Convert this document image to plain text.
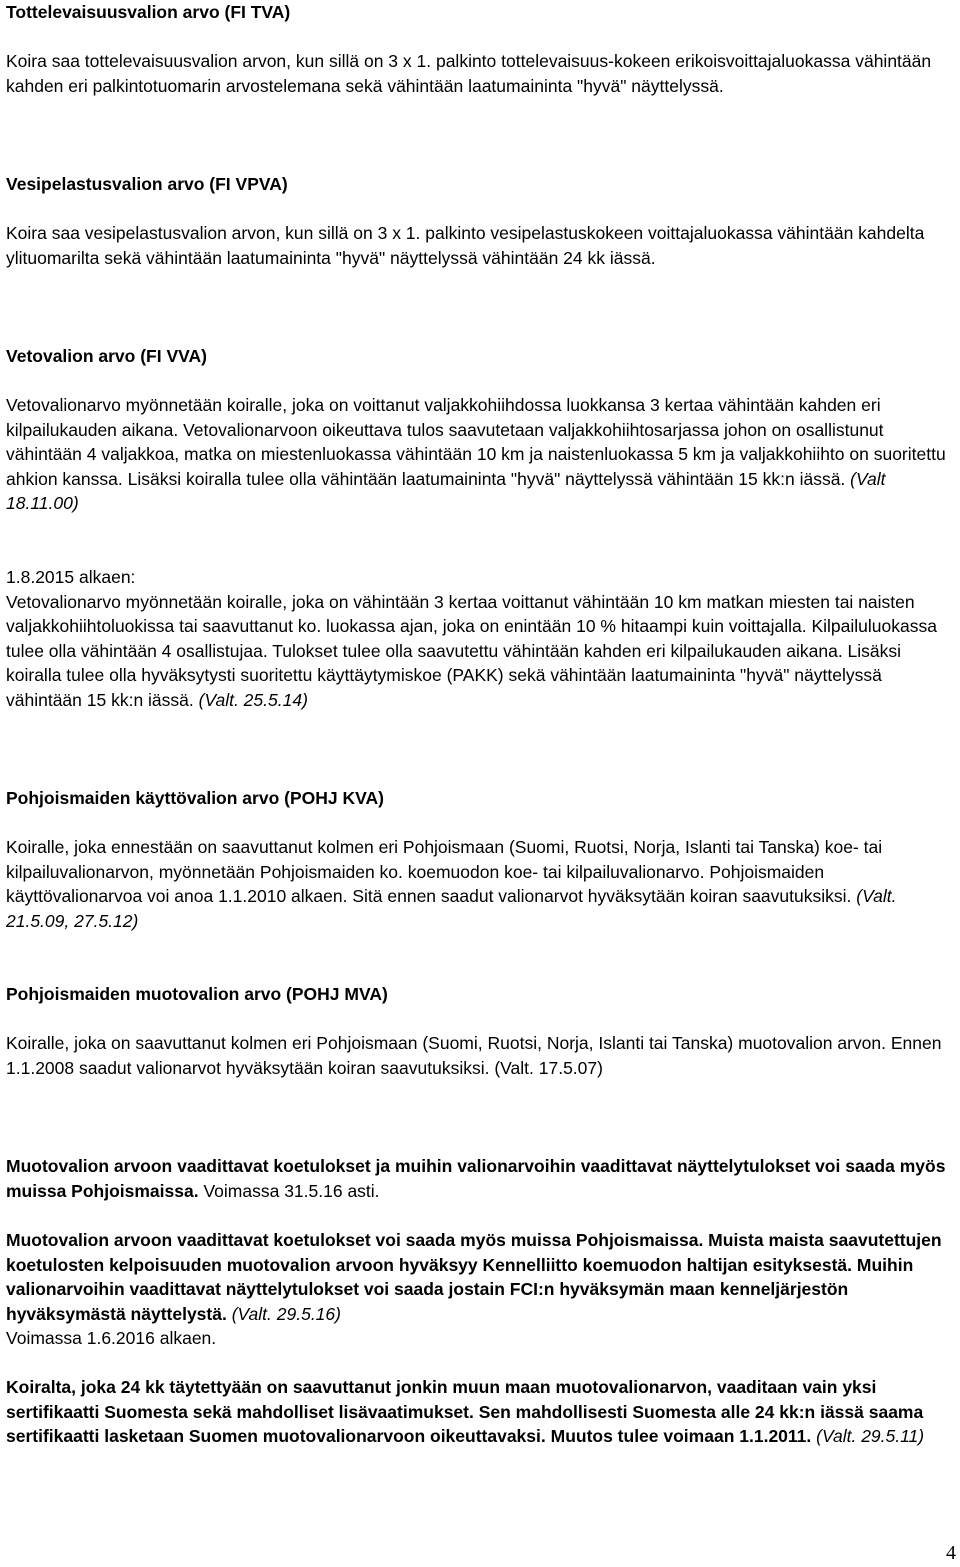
Tottelevaisuusvalion arvo (FI TVA)
Koira saa tottelevaisuusvalion arvon, kun sillä on 3 x 1. palkinto tottelevaisuus-kokeen erikoisvoittajaluokassa vähintään kahden eri palkintotuomarin arvostelemana sekä vähintään laatumaininta "hyvä" näyttelyssä.
Vesipelastusvalion arvo (FI VPVA)
Koira saa vesipelastusvalion arvon, kun sillä on 3 x 1. palkinto vesipelastuskokeen voittajaluokassa vähintään kahdelta ylituomarilta sekä vähintään laatumaininta "hyvä" näyttelyssä vähintään 24 kk iässä.
Vetovalion arvo (FI VVA)
Vetovalionarvo myönnetään koiralle, joka on voittanut valjakkohiihdossa luokkansa 3 kertaa vähintään kahden eri kilpailukauden aikana. Vetovalionarvoon oikeuttava tulos saavutetaan valjakkohiihtosarjassa johon on osallistunut vähintään 4 valjakkoa, matka on miestenluokassa vähintään 10 km ja naistenluokassa 5 km ja valjakkohiihto on suoritettu ahkion kanssa. Lisäksi koiralla tulee olla vähintään laatumaininta "hyvä" näyttelyssä vähintään 15 kk:n iässä. (Valt 18.11.00)
1.8.2015 alkaen:
Vetovalionarvo myönnetään koiralle, joka on vähintään 3 kertaa voittanut vähintään 10 km matkan miesten tai naisten valjakkohiihtoluokissa tai saavuttanut ko. luokassa ajan, joka on enintään 10 % hitaampi kuin voittajalla. Kilpailuluokassa tulee olla vähintään 4 osallistujaa. Tulokset tulee olla saavutettu vähintään kahden eri kilpailukauden aikana. Lisäksi koiralla tulee olla hyväksytysti suoritettu käyttäytymiskoe (PAKK) sekä vähintään laatumaininta "hyvä" näyttelyssä vähintään 15 kk:n iässä. (Valt. 25.5.14)
Pohjoismaiden käyttövalion arvo (POHJ KVA)
Koiralle, joka ennestään on saavuttanut kolmen eri Pohjoismaan (Suomi, Ruotsi, Norja, Islanti tai Tanska) koe- tai kilpailuvalionarvon, myönnetään Pohjoismaiden ko. koemuodon koe- tai kilpailuvalionarvo. Pohjoismaiden käyttövalionarvoa voi anoa 1.1.2010 alkaen. Sitä ennen saadut valionarvot hyväksytään koiran saavutuksiksi. (Valt. 21.5.09, 27.5.12)
Pohjoismaiden muotovalion arvo (POHJ MVA)
Koiralle, joka on saavuttanut kolmen eri Pohjoismaan (Suomi, Ruotsi, Norja, Islanti tai Tanska) muotovalion arvon. Ennen 1.1.2008 saadut valionarvot hyväksytään koiran saavutuksiksi. (Valt. 17.5.07)
Muotovalion arvoon vaadittavat koetulokset ja muihin valionarvoihin vaadittavat näyttelytulokset voi saada myös muissa Pohjoismaissa. Voimassa 31.5.16 asti.
Muotovalion arvoon vaadittavat koetulokset voi saada myös muissa Pohjoismaissa. Muista maista saavutettujen koetulosten kelpoisuuden muotovalion arvoon hyväksyy Kennelliitto koemuodon haltijan esityksestä. Muihin valionarvoihin vaadittavat näyttelytulokset voi saada jostain FCI:n hyväksymän maan kenneljärjestön hyväksymästä näyttelystä. (Valt. 29.5.16)
Voimassa 1.6.2016 alkaen.
Koiralta, joka 24 kk täytettyään on saavuttanut jonkin muun maan muotovalionarvon, vaaditaan vain yksi sertifikaatti Suomesta sekä mahdolliset lisävaatimukset. Sen mahdollisesti Suomesta alle 24 kk:n iässä saama sertifikaatti lasketaan Suomen muotovalionarvoon oikeuttavaksi. Muutos tulee voimaan 1.1.2011. (Valt. 29.5.11)
4
